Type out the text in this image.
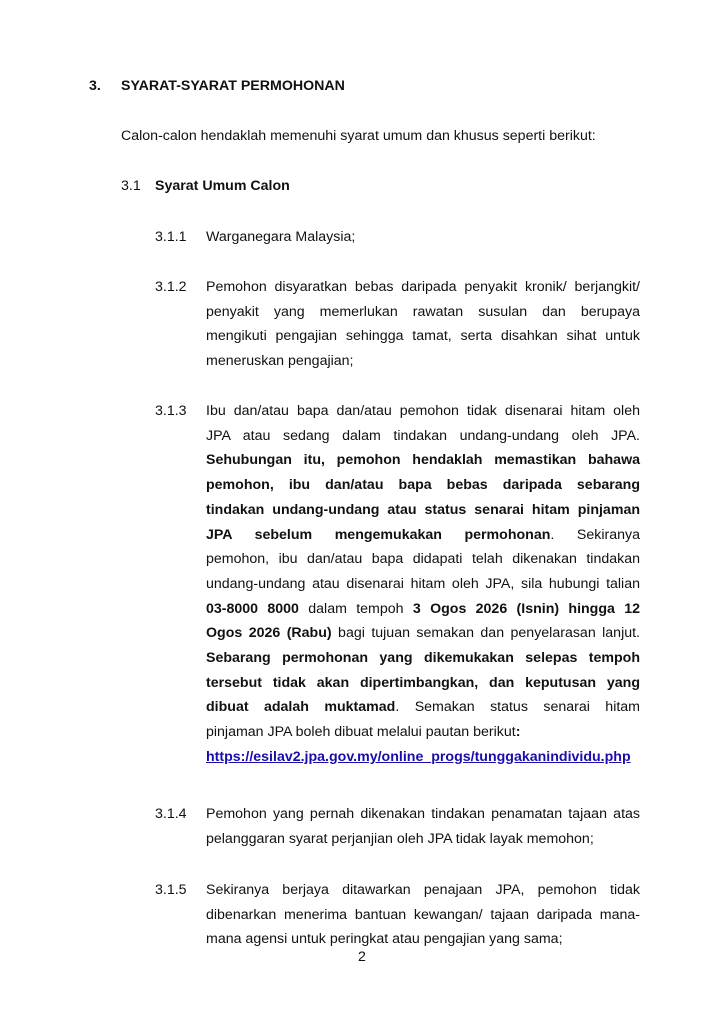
3. SYARAT-SYARAT PERMOHONAN
Calon-calon hendaklah memenuhi syarat umum dan khusus seperti berikut:
3.1 Syarat Umum Calon
3.1.1 Warganegara Malaysia;
3.1.2 Pemohon disyaratkan bebas daripada penyakit kronik/ berjangkit/
penyakit yang memerlukan rawatan susulan dan berupaya
mengikuti pengajian sehingga tamat, serta disahkan sihat untuk
meneruskan pengajian;
3.1.3 Ibu dan/atau bapa dan/atau pemohon tidak disenarai hitam oleh
JPA atau sedang dalam tindakan undang-undang oleh JPA.
Sehubungan itu, pemohon hendaklah memastikan bahawa
pemohon, ibu dan/atau bapa bebas daripada sebarang
tindakan undang-undang atau status senarai hitam pinjaman
JPA sebelum mengemukakan permohonan. Sekiranya
pemohon, ibu dan/atau bapa didapati telah dikenakan tindakan
undang-undang atau disenarai hitam oleh JPA, sila hubungi talian
03-8000 8000 dalam tempoh 3 Ogos 2026 (Isnin) hingga 12
Ogos 2026 (Rabu) bagi tujuan semakan dan penyelarasan lanjut.
Sebarang permohonan yang dikemukakan selepas tempoh
tersebut tidak akan dipertimbangkan, dan keputusan yang
dibuat adalah muktamad. Semakan status senarai hitam
pinjaman JPA boleh dibuat melalui pautan berikut:
https://esilav2.jpa.gov.my/online_progs/tunggakanindividu.php
3.1.4 Pemohon yang pernah dikenakan tindakan penamatan tajaan atas
pelanggaran syarat perjanjian oleh JPA tidak layak memohon;
3.1.5 Sekiranya berjaya ditawarkan penajaan JPA, pemohon tidak
dibenarkan menerima bantuan kewangan/ tajaan daripada mana-
mana agensi untuk peringkat atau pengajian yang sama;
2
